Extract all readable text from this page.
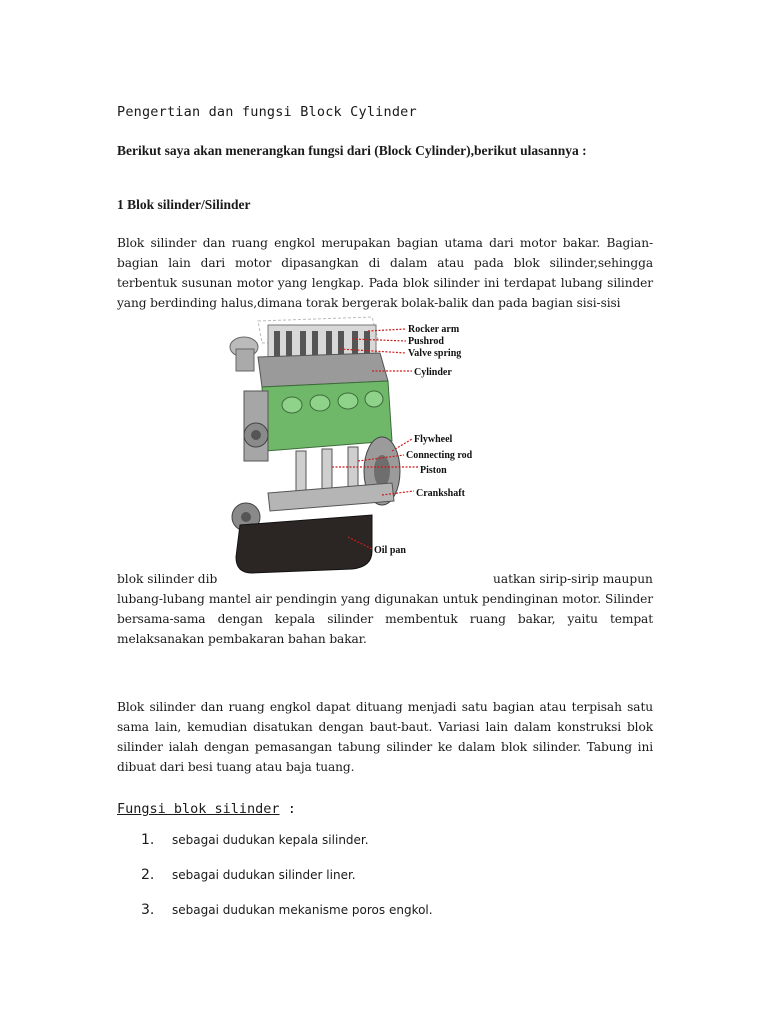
Pengertian dan fungsi Block Cylinder
Berikut saya akan menerangkan fungsi dari (Block Cylinder),berikut ulasannya :
1 Blok silinder/Silinder
Blok silinder dan ruang engkol merupakan bagian utama dari motor bakar. Bagian-bagian lain dari motor dipasangkan di dalam atau pada blok silinder,sehingga terbentuk susunan motor yang lengkap. Pada blok silinder ini terdapat lubang silinder yang berdinding halus,dimana torak bergerak bolak-balik dan pada bagian sisi-sisi
blok silinder dib	uatkan sirip-sirip maupun
lubang-lubang mantel air pendingin yang digunakan untuk pendinginan motor. Silinder bersama-sama dengan kepala silinder membentuk ruang bakar, yaitu tempat melaksanakan pembakaran bahan bakar.
Blok silinder dan ruang engkol dapat dituang menjadi satu bagian atau terpisah satu sama lain, kemudian disatukan dengan baut-baut. Variasi lain dalam konstruksi blok silinder ialah dengan pemasangan tabung silinder ke dalam blok silinder. Tabung ini dibuat dari besi tuang atau baja tuang.
Fungsi blok silinder :
1.	sebagai dudukan kepala silinder.
2.	sebagai dudukan silinder liner.
3.	sebagai dudukan mekanisme poros engkol.
Rocker arm
Pushrod
Valve spring
Cylinder
Flywheel
Connecting rod
Piston
Crankshaft
Oil pan
